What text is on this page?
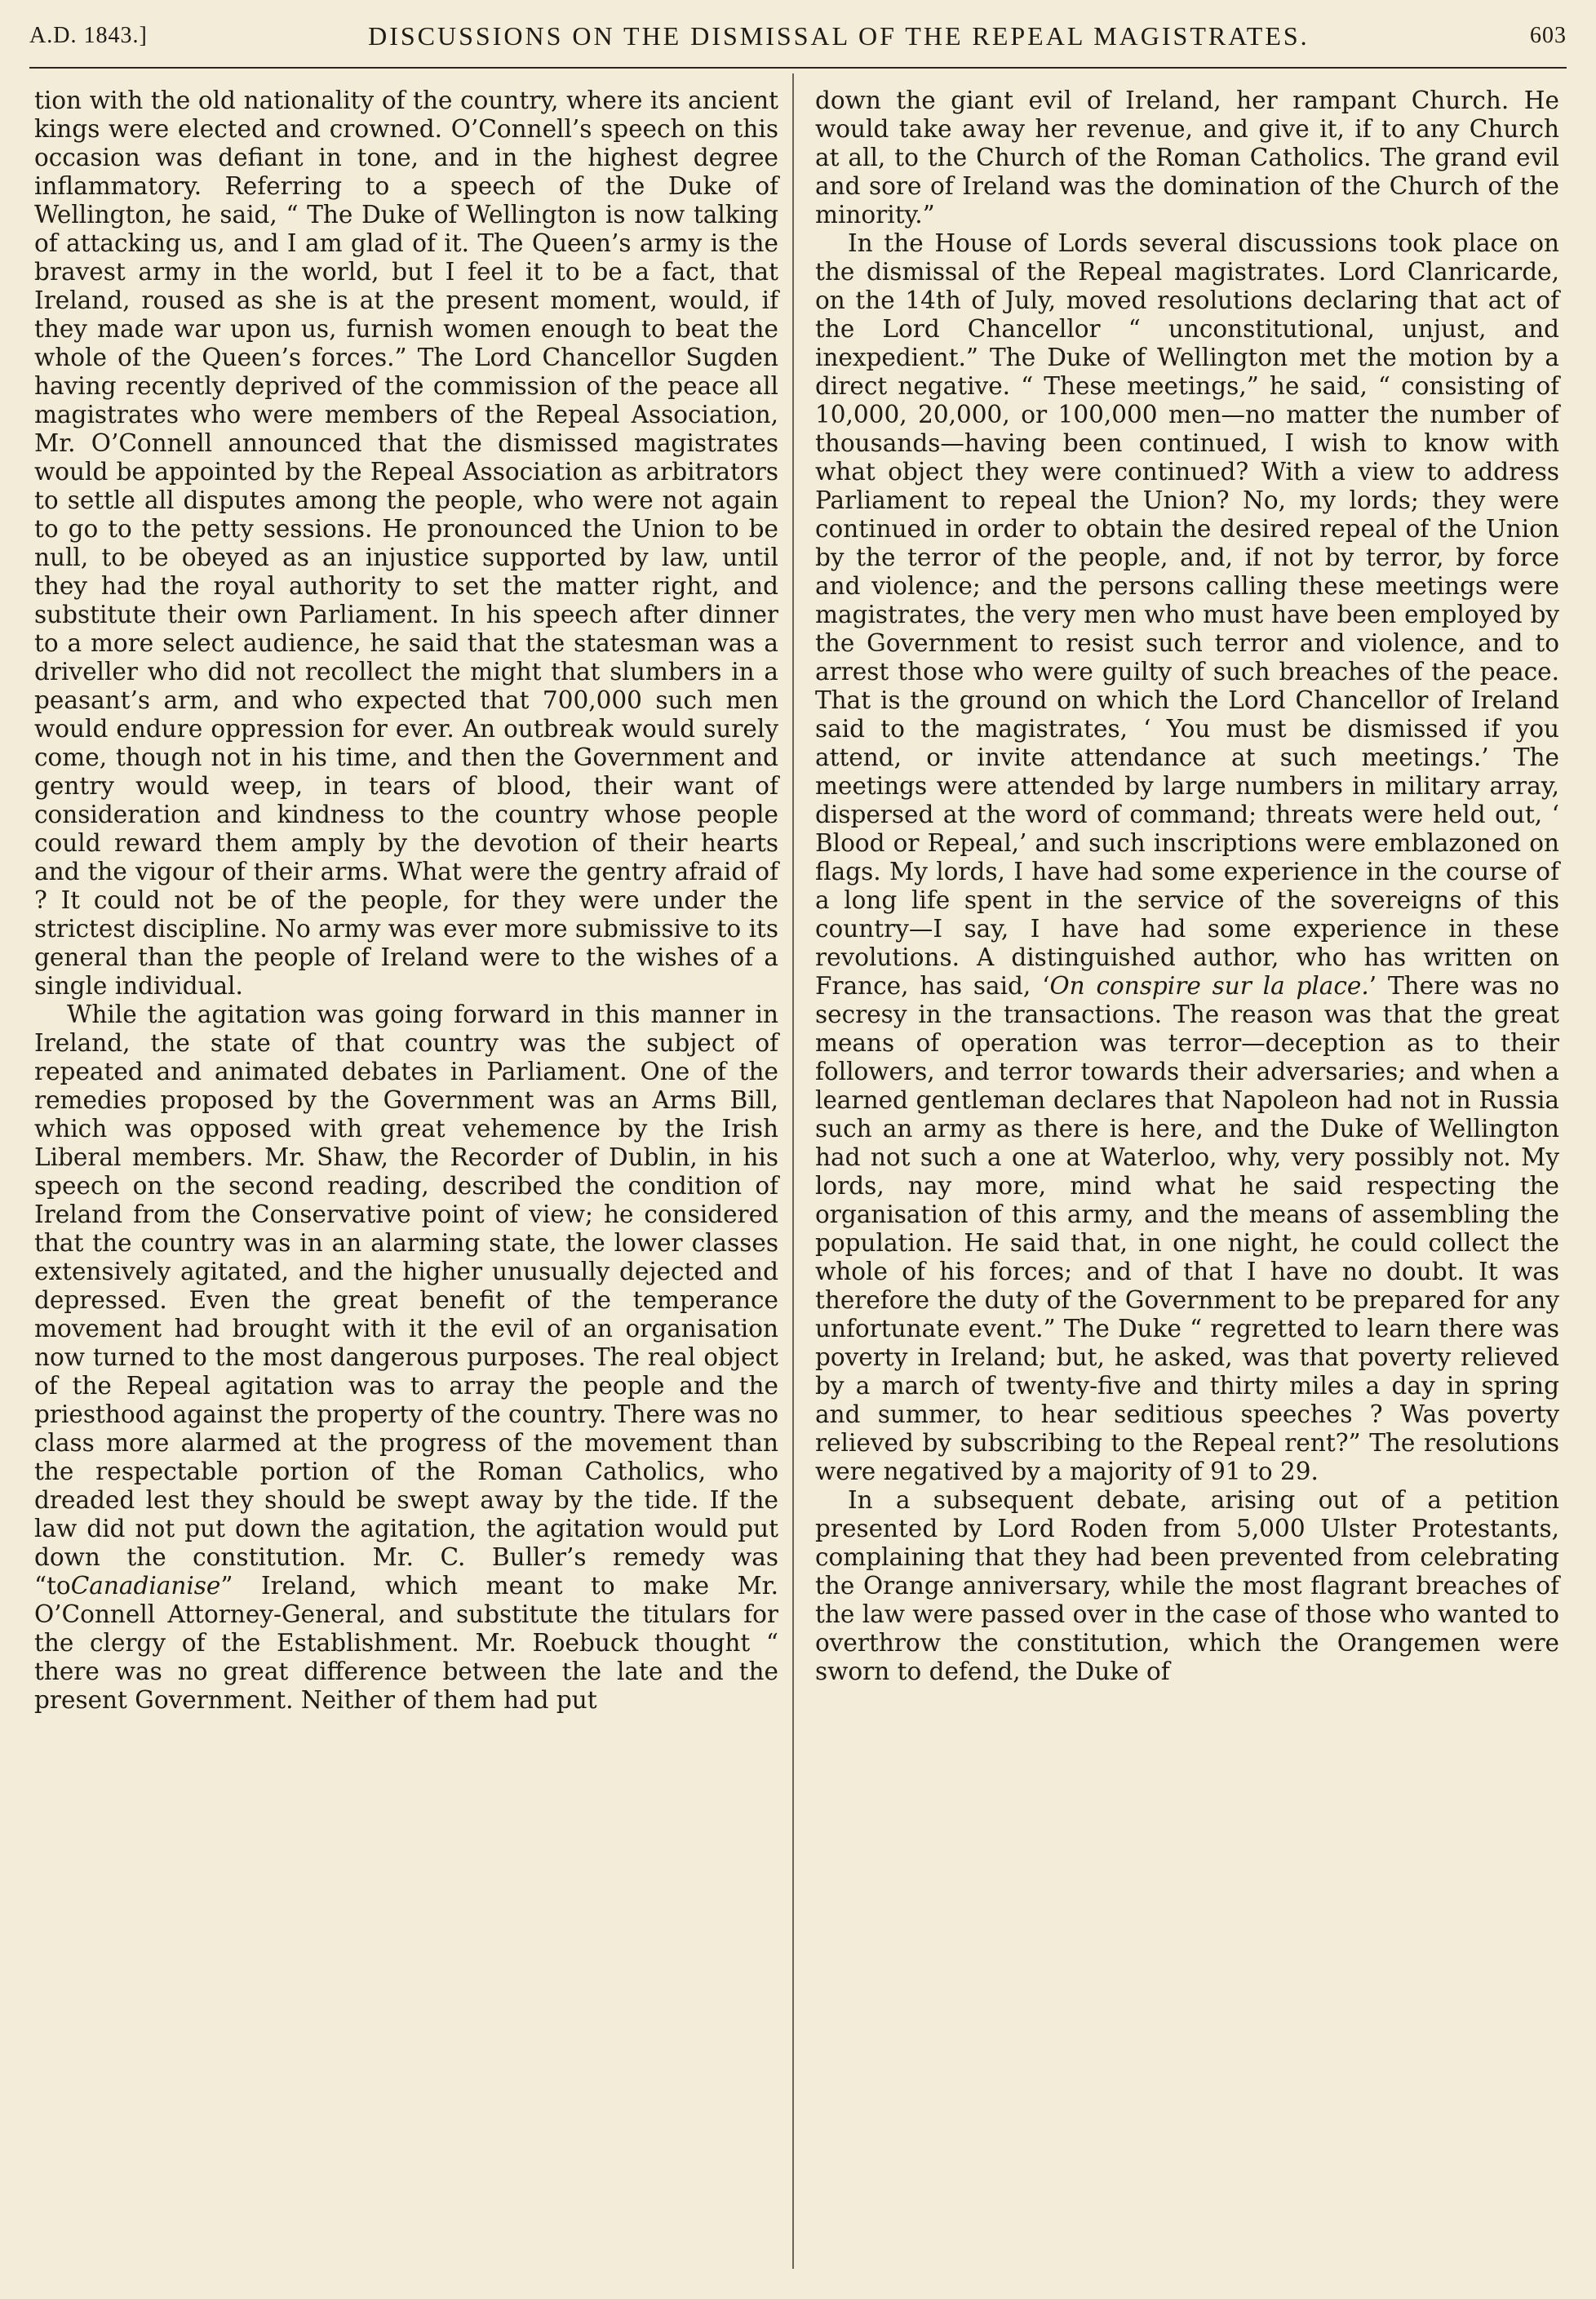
A.D. 1843.]	DISCUSSIONS ON THE DISMISSAL OF THE REPEAL MAGISTRATES.	603

tion with the old nationality of the country, where its ancient kings were elected and crowned. O’Connell’s speech on this occasion was defiant in tone, and in the highest degree inflammatory. Referring to a speech of the Duke of Wellington, he said, “ The Duke of Wellington is now talking of attacking us, and I am glad of it. The Queen’s army is the bravest army in the world, but I feel it to be a fact, that Ireland, roused as she is at the present moment, would, if they made war upon us, furnish women enough to beat the whole of the Queen’s forces.” The Lord Chancellor Sugden having recently deprived of the commission of the peace all magistrates who were members of the Repeal Association, Mr. O’Connell announced that the dismissed magistrates would be appointed by the Repeal Association as arbitrators to settle all disputes among the people, who were not again to go to the petty sessions. He pronounced the Union to be null, to be obeyed as an injustice supported by law, until they had the royal authority to set the matter right, and substitute their own Parliament. In his speech after dinner to a more select audience, he said that the statesman was a driveller who did not recollect the might that slumbers in a peasant’s arm, and who expected that 700,000 such men would endure oppression for ever. An outbreak would surely come, though not in his time, and then the Government and gentry would weep, in tears of blood, their want of consideration and kindness to the country whose people could reward them amply by the devotion of their hearts and the vigour of their arms. What were the gentry afraid of ? It could not be of the people, for they were under the strictest discipline. No army was ever more submissive to its general than the people of Ireland were to the wishes of a single individual.

While the agitation was going forward in this manner in Ireland, the state of that country was the subject of repeated and animated debates in Parliament. One of the remedies proposed by the Government was an Arms Bill, which was opposed with great vehemence by the Irish Liberal members. Mr. Shaw, the Recorder of Dublin, in his speech on the second reading, described the condition of Ireland from the Conservative point of view; he considered that the country was in an alarming state, the lower classes extensively agitated, and the higher unusually dejected and depressed. Even the great benefit of the temperance movement had brought with it the evil of an organisation now turned to the most dangerous purposes. The real object of the Repeal agitation was to array the people and the priesthood against the property of the country. There was no class more alarmed at the progress of the movement than the respectable portion of the Roman Catholics, who dreaded lest they should be swept away by the tide. If the law did not put down the agitation, the agitation would put down the constitution. Mr. C. Buller’s remedy was “toCanadianise” Ireland, which meant to make Mr. O’Connell Attorney-General, and substitute the titulars for the clergy of the Establishment. Mr. Roebuck thought “ there was no great difference between the late and the present Government. Neither of them had put

down the giant evil of Ireland, her rampant Church. He would take away her revenue, and give it, if to any Church at all, to the Church of the Roman Catholics. The grand evil and sore of Ireland was the domination of the Church of the minority.”

In the House of Lords several discussions took place on the dismissal of the Repeal magistrates. Lord Clanricarde, on the 14th of July, moved resolutions declaring that act of the Lord Chancellor “ unconstitutional, unjust, and inexpedient.” The Duke of Wellington met the motion by a direct negative. “ These meetings,” he said, “ consisting of 10,000, 20,000, or 100,000 men—no matter the number of thousands—having been continued, I wish to know with what object they were continued? With a view to address Parliament to repeal the Union? No, my lords; they were continued in order to obtain the desired repeal of the Union by the terror of the people, and, if not by terror, by force and violence; and the persons calling these meetings were magistrates, the very men who must have been employed by the Government to resist such terror and violence, and to arrest those who were guilty of such breaches of the peace. That is the ground on which the Lord Chancellor of Ireland said to the magistrates, ‘ You must be dismissed if you attend, or invite attendance at such meetings.’ The meetings were attended by large numbers in military array, dispersed at the word of command; threats were held out, ‘ Blood or Repeal,’ and such inscriptions were emblazoned on flags. My lords, I have had some experience in the course of a long life spent in the service of the sovereigns of this country—I say, I have had some experience in these revolutions. A distinguished author, who has written on France, has said, ‘On conspire sur la place.’ There was no secresy in the transactions. The reason was that the great means of operation was terror—deception as to their followers, and terror towards their adversaries; and when a learned gentleman declares that Napoleon had not in Russia such an army as there is here, and the Duke of Wellington had not such a one at Waterloo, why, very possibly not. My lords, nay more, mind what he said respecting the organisation of this army, and the means of assembling the population. He said that, in one night, he could collect the whole of his forces; and of that I have no doubt. It was therefore the duty of the Government to be prepared for any unfortunate event.” The Duke “ regretted to learn there was poverty in Ireland; but, he asked, was that poverty relieved by a march of twenty-five and thirty miles a day in spring and summer, to hear seditious speeches ? Was poverty relieved by subscribing to the Repeal rent?” The resolutions were negatived by a majority of 91 to 29.

In a subsequent debate, arising out of a petition presented by Lord Roden from 5,000 Ulster Protestants, complaining that they had been prevented from celebrating the Orange anniversary, while the most flagrant breaches of the law were passed over in the case of those who wanted to overthrow the constitution, which the Orangemen were sworn to defend, the Duke of
